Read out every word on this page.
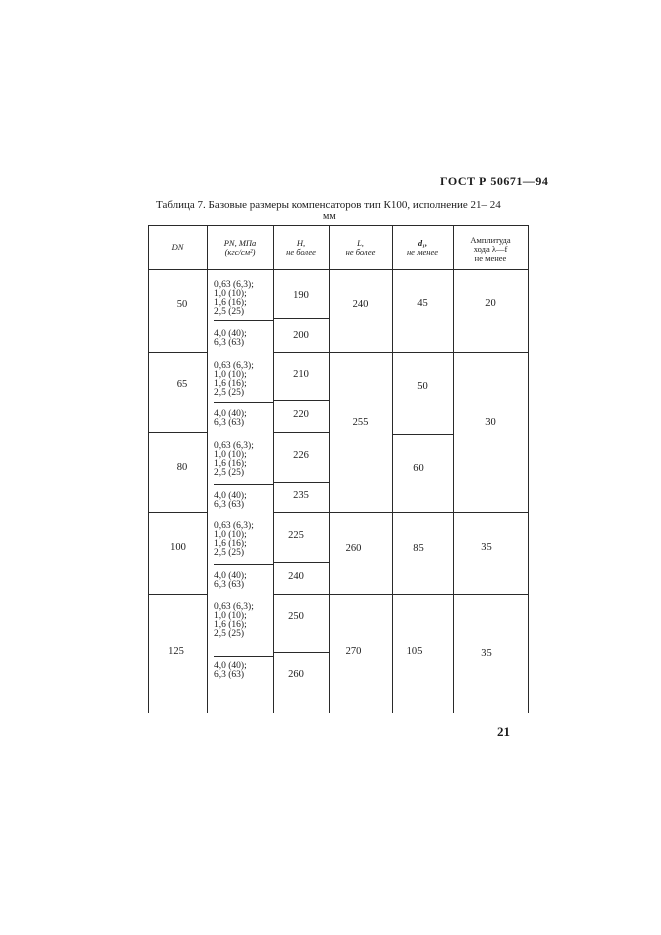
ГОСТ Р 50671—94
Таблица 7. Базовые размеры компенсаторов тип К100, исполнение 21– 24
мм
DN	PN, МПа
(кгс/см²)
H,
не более
L,
не более
d₁,
не менее
Амплитуда
хода λ—f
не менее
50
65
80
100
125
0,63 (6,3);
1,0 (10);
1,6 (16);
2,5 (25)
4,0 (40);
6,3 (63)
0,63 (6,3);
1,0 (10);
1,6 (16);
2,5 (25)
4,0 (40);
6,3 (63)
0,63 (6,3);
1,0 (10);
1,6 (16);
2,5 (25)
4,0 (40);
6,3 (63)
0,63 (6,3);
1,0 (10);
1,6 (16);
2,5 (25)
4,0 (40);
6,3 (63)
0,63 (6,3);
1,0 (10);
1,6 (16);
2,5 (25)
4,0 (40);
6,3 (63)
190
200
210
220
226
235
225
240
250
260
240
255
260
270
45
50
60
85
105
20
30
35
35
21
